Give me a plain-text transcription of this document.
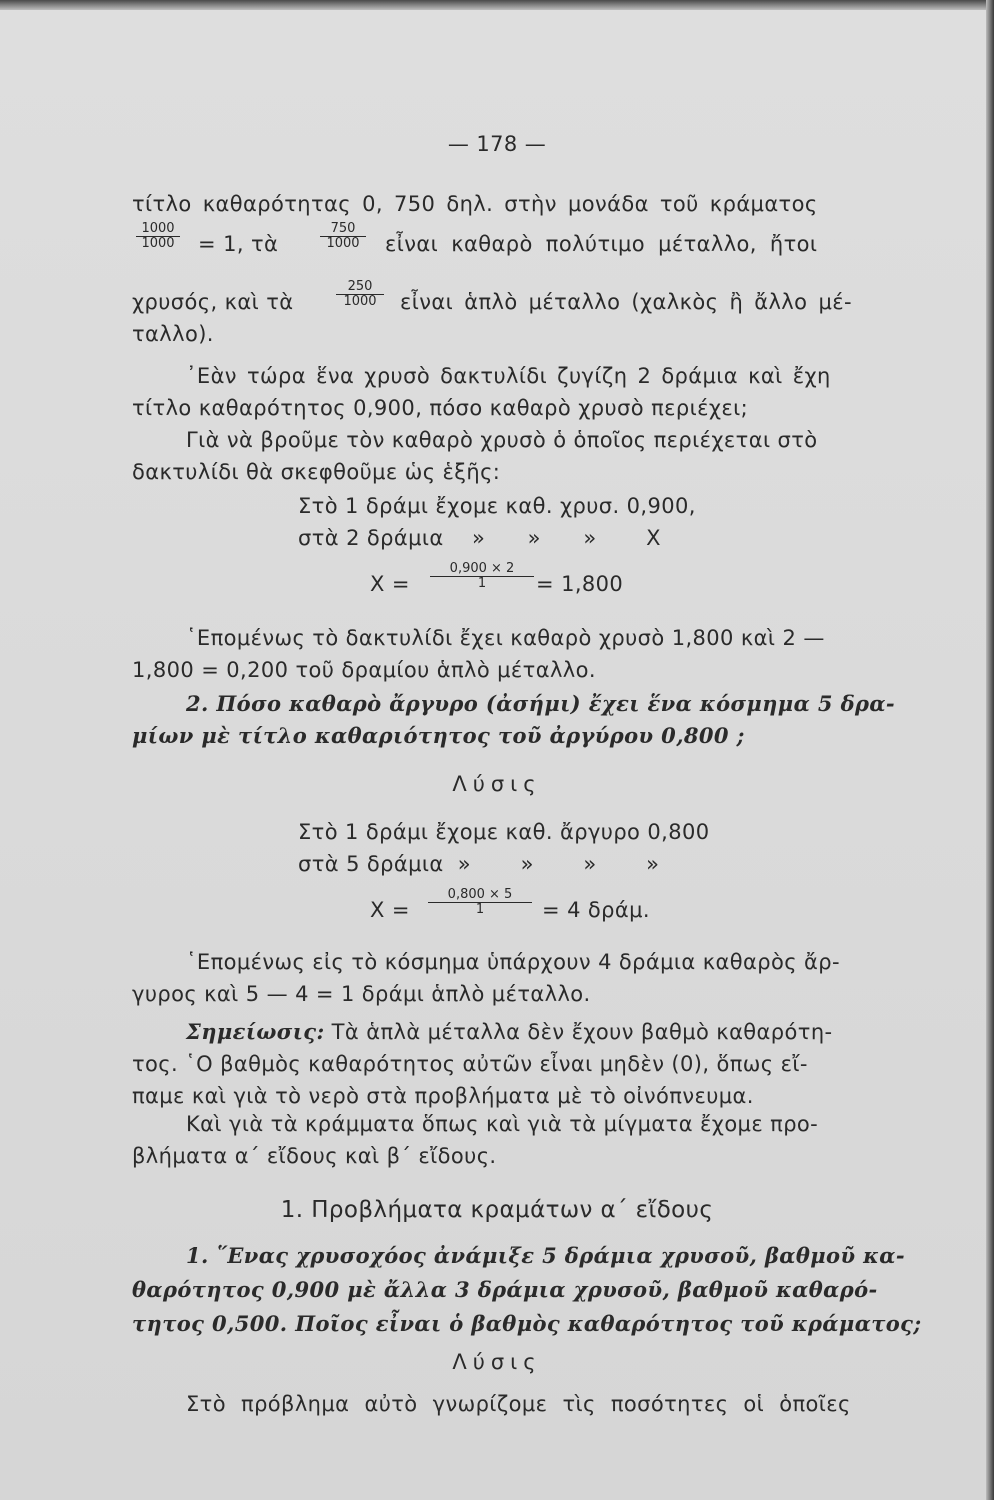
— 178 —
τίτλο καθαρότητας 0, 750 δηλ. στὴν μονάδα τοῦ κράματος
1000
1000 = 1, τὰ
750
1000	εἶναι καθαρὸ πολύτιμο μέταλλο, ἤτοι
χρυσός, καὶ τὰ
250
1000	εἶναι ἁπλὸ μέταλλο (χαλκὸς ἢ ἄλλο μέ-
ταλλο).
᾿Εὰν τώρα ἕνα χρυσὸ δακτυλίδι ζυγίζη 2 δράμια καὶ ἔχη
τίτλο καθαρότητος 0,900, πόσο καθαρὸ χρυσὸ περιέχει;
Γιὰ νὰ βροῦμε τὸν καθαρὸ χρυσὸ ὁ ὁποῖος περιέχεται στὸ
δακτυλίδι θὰ σκεφθοῦμε ὡς ἑξῆς:
Στὸ 1 δράμι ἔχομε καθ. χρυσ. 0,900,
στὰ 2 δράμια    »      »      »       X
X =
0,900 × 2
1	= 1,800
῾Επομένως τὸ δακτυλίδι ἔχει καθαρὸ χρυσὸ 1,800 καὶ 2 —
1,800 = 0,200 τοῦ δραμίου ἁπλὸ μέταλλο.
2. Πόσο καθαρὸ ἄργυρο (ἀσήμι) ἔχει ἕνα κόσμημα 5 δρα-
μίων μὲ τίτλο καθαριότητος τοῦ ἀργύρου 0,800 ;
Λύσις
Στὸ 1 δράμι ἔχομε καθ. ἄργυρο 0,800
στὰ 5 δράμια  »       »       »       »
X =
0,800 × 5
1	= 4 δράμ.
῾Επομένως εἰς τὸ κόσμημα ὑπάρχουν 4 δράμια καθαρὸς ἄρ-
γυρος καὶ 5 — 4 = 1 δράμι ἁπλὸ μέταλλο.
Σημείωσις: Τὰ ἁπλὰ μέταλλα δὲν ἔχουν βαθμὸ καθαρότη-
τος. ῾Ο βαθμὸς καθαρότητος αὐτῶν εἶναι μηδὲν (0), ὅπως εἴ-
παμε καὶ γιὰ τὸ νερὸ στὰ προβλήματα μὲ τὸ οἰνόπνευμα.
Καὶ γιὰ τὰ κράμματα ὅπως καὶ γιὰ τὰ μίγματα ἔχομε προ-
βλήματα α΄ εἴδους καὶ β΄ εἴδους.
1. Προβλήματα κραμάτων α΄ εἴδους
1. ῞Ενας χρυσοχόος ἀνάμιξε 5 δράμια χρυσοῦ, βαθμοῦ κα-
θαρότητος 0,900 μὲ ἄλλα 3 δράμια χρυσοῦ, βαθμοῦ καθαρό-
τητος 0,500. Ποῖος εἶναι ὁ βαθμὸς καθαρότητος τοῦ κράματος;
Λύσις
Στὸ πρόβλημα αὐτὸ γνωρίζομε τὶς ποσότητες οἱ ὁποῖες
